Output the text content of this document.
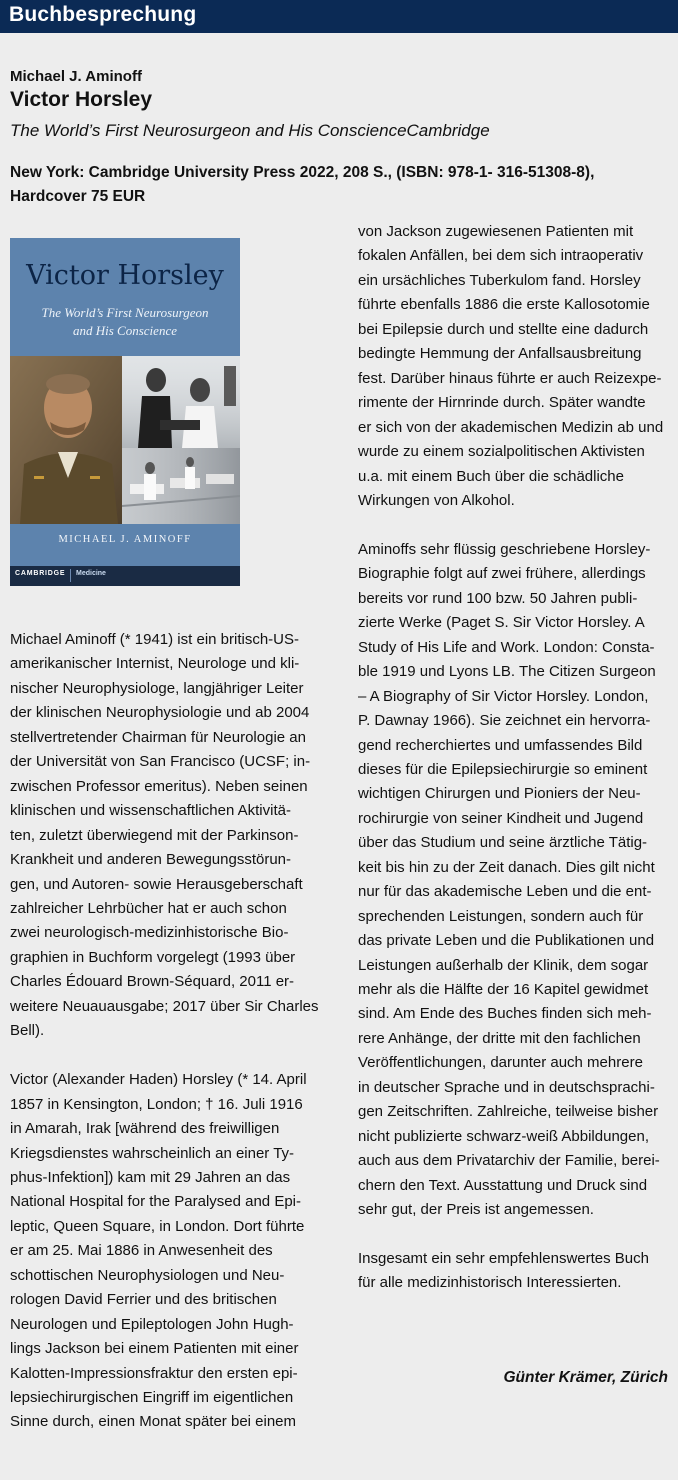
Buchbesprechung
Michael J. Aminoff
Victor Horsley
The World’s First Neurosurgeon and His ConscienceCambridge
New York: Cambridge University Press 2022, 208 S., (ISBN: 978-1- 316-51308-8), Hardcover 75 EUR
Victor Horsley
The World’s First Neurosurgeon
and His Conscience
MICHAEL J. AMINOFF
CAMBRIDGE Medicine

Michael Aminoff (* 1941) ist ein britisch-US-
amerikanischer Internist, Neurologe und kli-
nischer Neurophysiologe, langjähriger Leiter
der klinischen Neurophysiologie und ab 2004
stellvertretender Chairman für Neurologie an
der Universität von San Francisco (UCSF; in-
zwischen Professor emeritus). Neben seinen
klinischen und wissenschaftlichen Aktivitä-
ten, zuletzt überwiegend mit der Parkinson-
Krankheit und anderen Bewegungsstörun-
gen, und Autoren- sowie Herausgeberschaft
zahlreicher Lehrbücher hat er auch schon
zwei neurologisch-medizinhistorische Bio-
graphien in Buchform vorgelegt (1993 über
Charles Édouard Brown-Séquard, 2011 er-
weitere Neuauausgabe; 2017 über Sir Charles
Bell).

Victor (Alexander Haden) Horsley (* 14. April
1857 in Kensington, London; † 16. Juli 1916
in Amarah, Irak [während des freiwilligen
Kriegsdienstes wahrscheinlich an einer Ty-
phus-Infektion]) kam mit 29 Jahren an das
National Hospital for the Paralysed and Epi-
leptic, Queen Square, in London. Dort führte
er am 25. Mai 1886 in Anwesenheit des
schottischen Neurophysiologen und Neu-
rologen David Ferrier und des britischen
Neurologen und Epileptologen John Hugh-
lings Jackson bei einem Patienten mit einer
Kalotten-Impressionsfraktur den ersten epi-
lepsiechirurgischen Eingriff im eigentlichen
Sinne durch, einen Monat später bei einem

von Jackson zugewiesenen Patienten mit
fokalen Anfällen, bei dem sich intraoperativ
ein ursächliches Tuberkulom fand. Horsley
führte ebenfalls 1886 die erste Kallosotomie
bei Epilepsie durch und stellte eine dadurch
bedingte Hemmung der Anfallsausbreitung
fest. Darüber hinaus führte er auch Reizexpe-
rimente der Hirnrinde durch. Später wandte
er sich von der akademischen Medizin ab und
wurde zu einem sozialpolitischen Aktivisten
u.a. mit einem Buch über die schädliche
Wirkungen von Alkohol.

Aminoffs sehr flüssig geschriebene Horsley-
Biographie folgt auf zwei frühere, allerdings
bereits vor rund 100 bzw. 50 Jahren publi-
zierte Werke (Paget S. Sir Victor Horsley. A
Study of His Life and Work. London: Consta-
ble 1919 und Lyons LB. The Citizen Surgeon
– A Biography of Sir Victor Horsley. London,
P. Dawnay 1966). Sie zeichnet ein hervorra-
gend recherchiertes und umfassendes Bild
dieses für die Epilepsiechirurgie so eminent
wichtigen Chirurgen und Pioniers der Neu-
rochirurgie von seiner Kindheit und Jugend
über das Studium und seine ärztliche Tätig-
keit bis hin zu der Zeit danach. Dies gilt nicht
nur für das akademische Leben und die ent-
sprechenden Leistungen, sondern auch für
das private Leben und die Publikationen und
Leistungen außerhalb der Klinik, dem sogar
mehr als die Hälfte der 16 Kapitel gewidmet
sind. Am Ende des Buches finden sich meh-
rere Anhänge, der dritte mit den fachlichen
Veröffentlichungen, darunter auch mehrere
in deutscher Sprache und in deutschsprachi-
gen Zeitschriften. Zahlreiche, teilweise bisher
nicht publizierte schwarz-weiß Abbildungen,
auch aus dem Privatarchiv der Familie, berei-
chern den Text. Ausstattung und Druck sind
sehr gut, der Preis ist angemessen.

Insgesamt ein sehr empfehlenswertes Buch
für alle medizinhistorisch Interessierten.

Günter Krämer, Zürich
